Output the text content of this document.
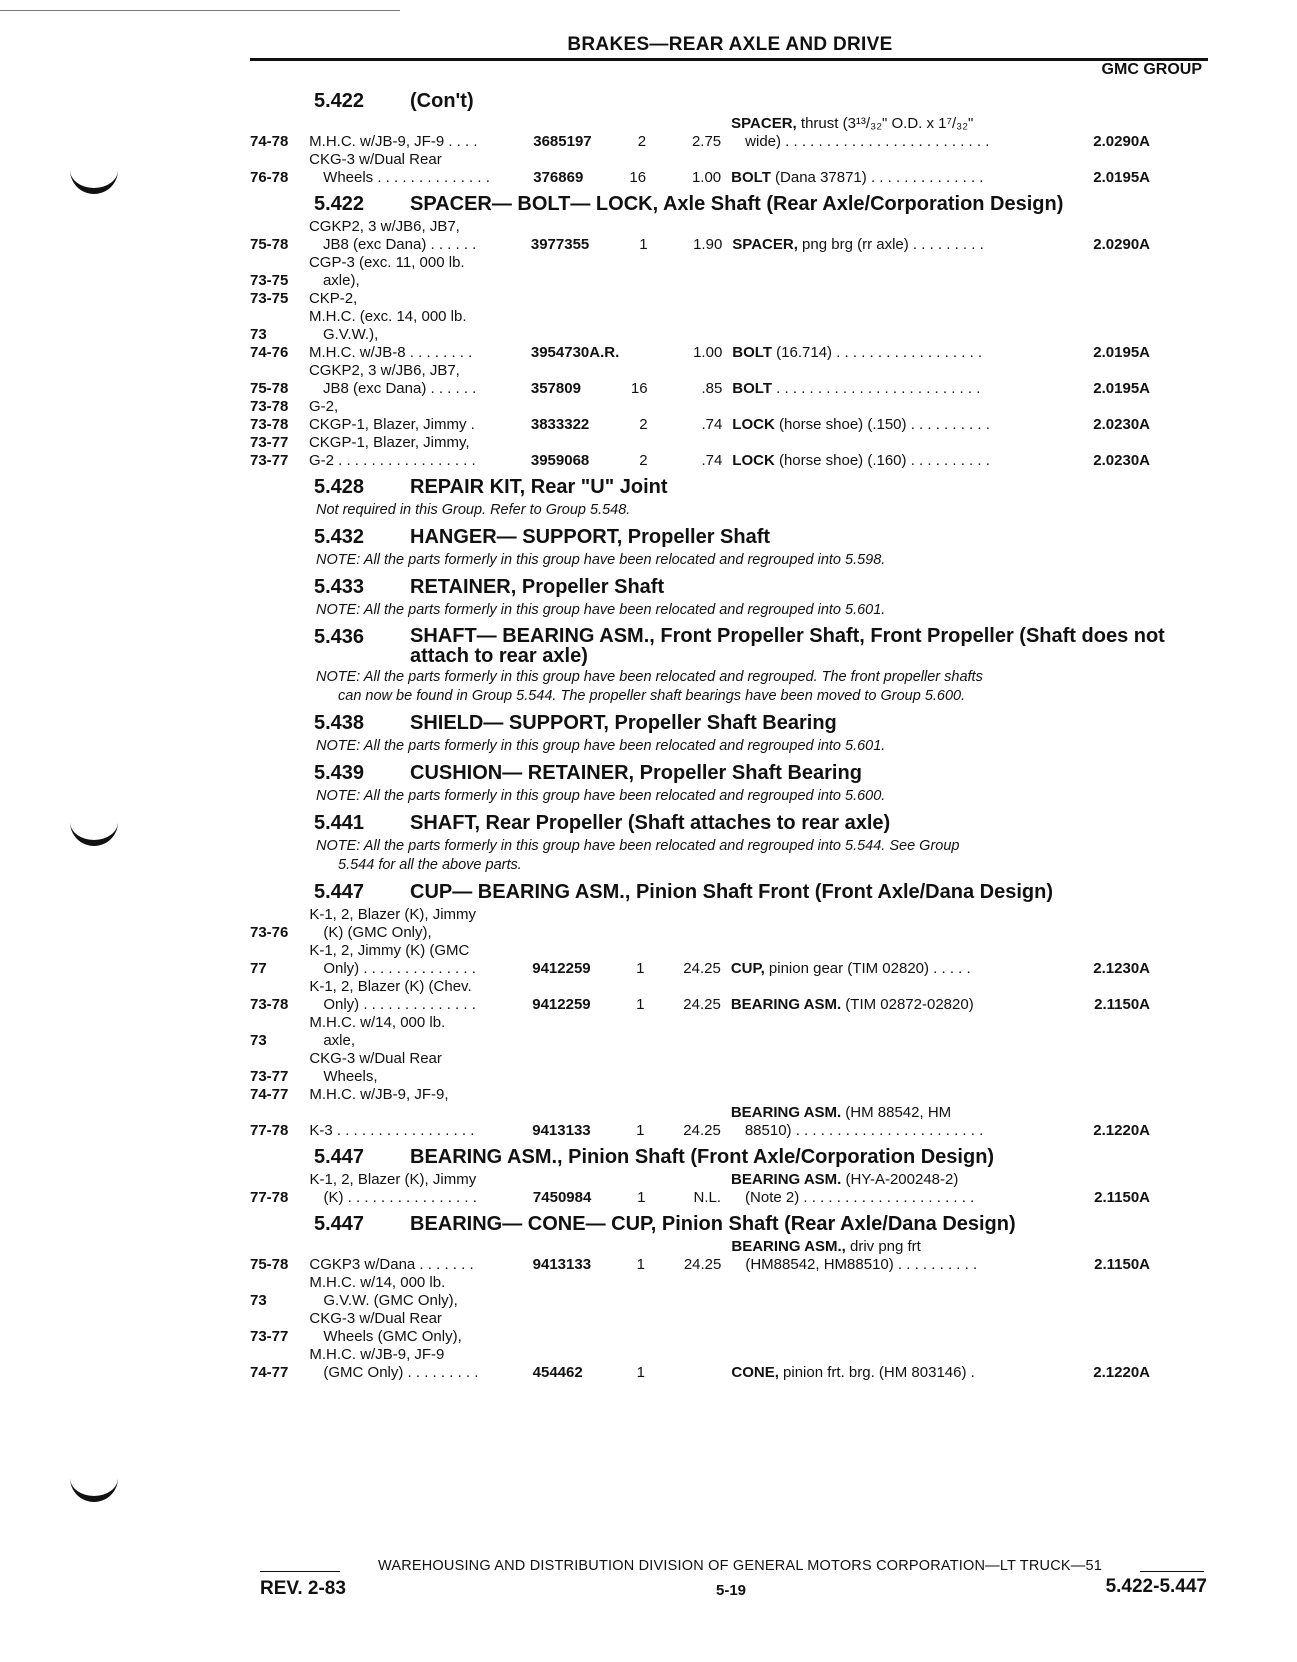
BRAKES—REAR AXLE AND DRIVE
GMC GROUP
5.422	(Con't)
74-78	M.H.C. w/JB-9, JF-9 . . . .	3685197	2	2.75	SPACER, thrust (3¹³/₃₂" O.D. x 1⁷/₃₂"
wide) . . . . . . . . . . . . . . . . . . . . . . . . .	2.0290A
76-78	CKG-3 w/Dual Rear
Wheels . . . . . . . . . . . . . .	376869	16	1.00	BOLT (Dana 37871) . . . . . . . . . . . . . .	2.0195A
5.422	SPACER— BOLT— LOCK, Axle Shaft (Rear Axle/Corporation Design)
75-78	CGKP2, 3 w/JB6, JB7,
JB8 (exc Dana) . . . . . .	3977355	1	1.90	SPACER, png brg (rr axle) . . . . . . . . .	2.0290A
73-75	CGP-3 (exc. 11, 000 lb.
axle),					
73-75	CKP-2,					
73	M.H.C. (exc. 14, 000 lb.
G.V.W.),					
74-76	M.H.C. w/JB-8 . . . . . . . .	3954730A.R.		1.00	BOLT (16.714) . . . . . . . . . . . . . . . . . .	2.0195A
75-78	CGKP2, 3 w/JB6, JB7,
JB8 (exc Dana) . . . . . .	357809	16	.85	BOLT . . . . . . . . . . . . . . . . . . . . . . . . .	2.0195A
73-78	G-2,					
73-78	CKGP-1, Blazer, Jimmy .	3833322	2	.74	LOCK (horse shoe) (.150) . . . . . . . . . .	2.0230A
73-77	CKGP-1, Blazer, Jimmy,					
73-77	G-2 . . . . . . . . . . . . . . . . .	3959068	2	.74	LOCK (horse shoe) (.160) . . . . . . . . . .	2.0230A
5.428	REPAIR KIT, Rear "U" Joint
Not required in this Group. Refer to Group 5.548.
5.432	HANGER— SUPPORT, Propeller Shaft
NOTE: All the parts formerly in this group have been relocated and regrouped into 5.598.
5.433	RETAINER, Propeller Shaft
NOTE: All the parts formerly in this group have been relocated and regrouped into 5.601.
5.436	SHAFT— BEARING ASM., Front Propeller Shaft, Front Propeller (Shaft does not attach to rear axle)
NOTE: All the parts formerly in this group have been relocated and regrouped. The front propeller shafts
can now be found in Group 5.544. The propeller shaft bearings have been moved to Group 5.600.
5.438	SHIELD— SUPPORT, Propeller Shaft Bearing
NOTE: All the parts formerly in this group have been relocated and regrouped into 5.601.
5.439	CUSHION— RETAINER, Propeller Shaft Bearing
NOTE: All the parts formerly in this group have been relocated and regrouped into 5.600.
5.441	SHAFT, Rear Propeller (Shaft attaches to rear axle)
NOTE: All the parts formerly in this group have been relocated and regrouped into 5.544. See Group
5.544 for all the above parts.
5.447	CUP— BEARING ASM., Pinion Shaft Front (Front Axle/Dana Design)
73-76	K-1, 2, Blazer (K), Jimmy
(K) (GMC Only),					
77	K-1, 2, Jimmy (K) (GMC
Only) . . . . . . . . . . . . . .	9412259	1	24.25	CUP, pinion gear (TIM 02820) . . . . .	2.1230A
73-78	K-1, 2, Blazer (K) (Chev.
Only) . . . . . . . . . . . . . .	9412259	1	24.25	BEARING ASM. (TIM 02872-02820)	2.1150A
73	M.H.C. w/14, 000 lb.
axle,					
73-77	CKG-3 w/Dual Rear
Wheels,					
74-77	M.H.C. w/JB-9, JF-9,					
77-78	K-3 . . . . . . . . . . . . . . . . .	9413133	1	24.25	BEARING ASM. (HM 88542, HM
88510) . . . . . . . . . . . . . . . . . . . . . . .	2.1220A
5.447	BEARING ASM., Pinion Shaft (Front Axle/Corporation Design)
77-78	K-1, 2, Blazer (K), Jimmy
(K) . . . . . . . . . . . . . . . .	7450984	1	N.L.	BEARING ASM. (HY-A-200248-2)
(Note 2) . . . . . . . . . . . . . . . . . . . . .	2.1150A
5.447	BEARING— CONE— CUP, Pinion Shaft (Rear Axle/Dana Design)
75-78	CGKP3 w/Dana . . . . . . .	9413133	1	24.25	BEARING ASM., driv png frt
(HM88542, HM88510) . . . . . . . . . .	2.1150A
73	M.H.C. w/14, 000 lb.
G.V.W. (GMC Only),					
73-77	CKG-3 w/Dual Rear
Wheels (GMC Only),					
74-77	M.H.C. w/JB-9, JF-9
(GMC Only) . . . . . . . . .	454462	1		CONE, pinion frt. brg. (HM 803146) .	2.1220A
WAREHOUSING AND DISTRIBUTION DIVISION OF GENERAL MOTORS CORPORATION—LT TRUCK—51
REV. 2-83	5-19	5.422-5.447
